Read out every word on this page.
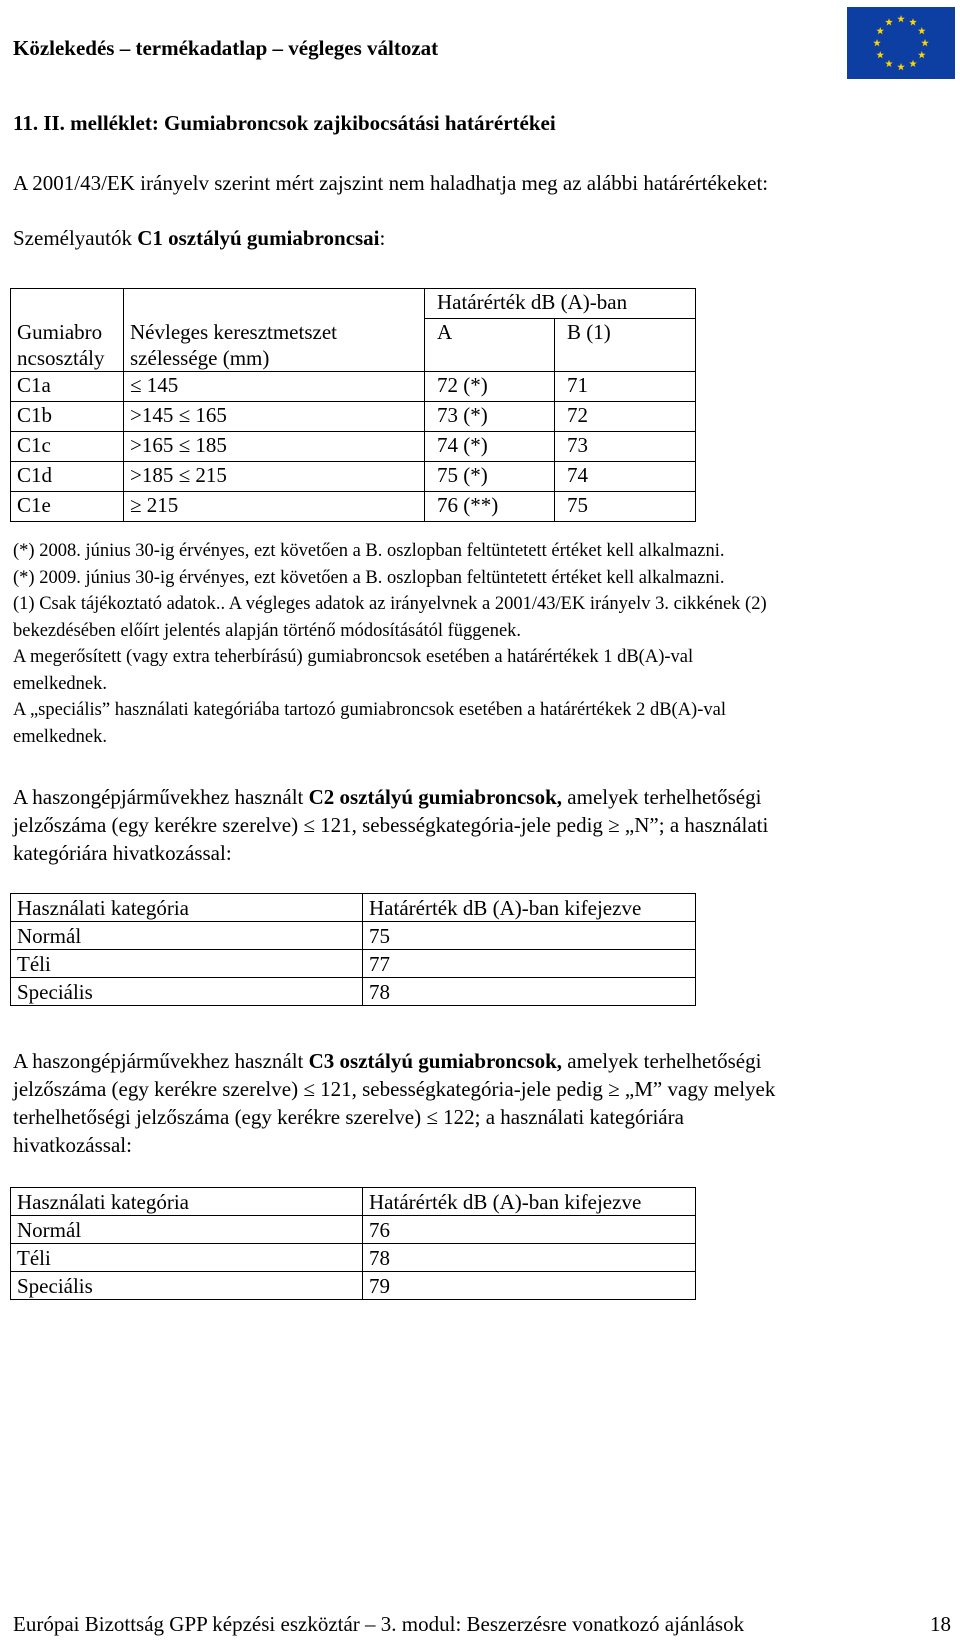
Közlekedés – termékadatlap – végleges változat
11. II. melléklet: Gumiabroncsok zajkibocsátási határértékei
A 2001/43/EK irányelv szerint mért zajszint nem haladhatja meg az alábbi határértékeket:
Személyautók C1 osztályú gumiabroncsai:
		Határérték dB (A)-ban	
Gumiabro
ncsosztály	Névleges keresztmetszet
szélessége (mm)	A	B (1)
C1a	≤ 145	72 (*)	71
C1b	>145 ≤ 165	73 (*)	72
C1c	>165 ≤ 185	74 (*)	73
C1d	>185 ≤ 215	75 (*)	74
C1e	≥ 215	76 (**)	75
(*) 2008. június 30-ig érvényes, ezt követően a B. oszlopban feltüntetett értéket kell alkalmazni.
(*) 2009. június 30-ig érvényes, ezt követően a B. oszlopban feltüntetett értéket kell alkalmazni.
(1) Csak tájékoztató adatok.. A végleges adatok az irányelvnek a 2001/43/EK irányelv 3. cikkének (2)
bekezdésében előírt jelentés alapján történő módosításától függenek.
A megerősített (vagy extra teherbírású) gumiabroncsok esetében a határértékek 1 dB(A)-val
emelkednek.
A „speciális” használati kategóriába tartozó gumiabroncsok esetében a határértékek 2 dB(A)-val
emelkednek.
A haszongépjárművekhez használt C2 osztályú gumiabroncsok, amelyek terhelhetőségi
jelzőszáma (egy kerékre szerelve) ≤ 121, sebességkategória-jele pedig ≥ „N”; a használati
kategóriára hivatkozással:
Használati kategória	Határérték dB (A)-ban kifejezve
Normál	75
Téli	77
Speciális	78
A haszongépjárművekhez használt C3 osztályú gumiabroncsok, amelyek terhelhetőségi
jelzőszáma (egy kerékre szerelve) ≤ 121, sebességkategória-jele pedig ≥ „M” vagy melyek
terhelhetőségi jelzőszáma (egy kerékre szerelve) ≤ 122; a használati kategóriára
hivatkozással:
Használati kategória	Határérték dB (A)-ban kifejezve
Normál	76
Téli	78
Speciális	79
Európai Bizottság GPP képzési eszköztár – 3. modul: Beszerzésre vonatkozó ajánlások	18
